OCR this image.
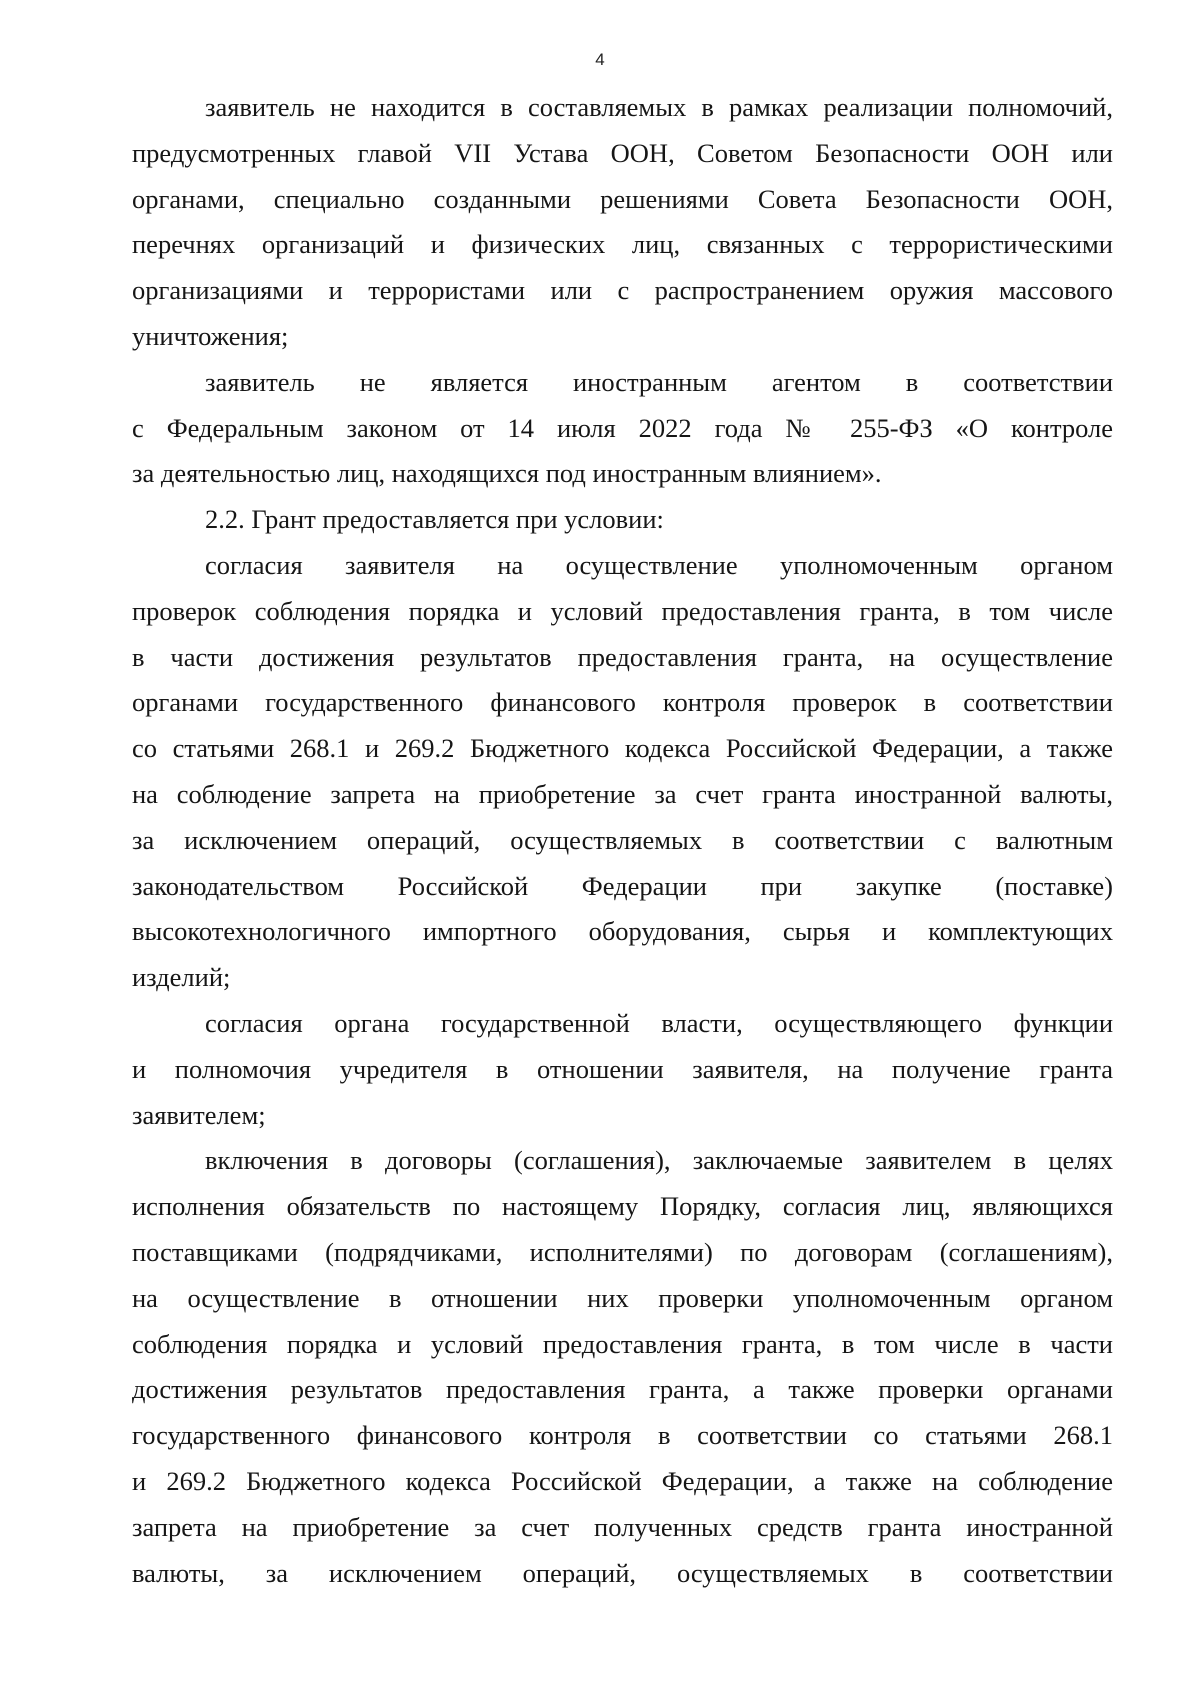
4
заявитель не находится в составляемых в рамках реализации полномочий,
предусмотренных главой VII Устава ООН, Советом Безопасности ООН или
органами, специально созданными решениями Совета Безопасности ООН,
перечнях организаций и физических лиц, связанных с террористическими
организациями и террористами или с распространением оружия массового
уничтожения;
заявитель не является иностранным агентом в соответствии
с Федеральным законом от 14 июля 2022 года № 255-ФЗ «О контроле
за деятельностью лиц, находящихся под иностранным влиянием».
2.2. Грант предоставляется при условии:
согласия заявителя на осуществление уполномоченным органом
проверок соблюдения порядка и условий предоставления гранта, в том числе
в части достижения результатов предоставления гранта, на осуществление
органами государственного финансового контроля проверок в соответствии
со статьями 268.1 и 269.2 Бюджетного кодекса Российской Федерации, а также
на соблюдение запрета на приобретение за счет гранта иностранной валюты,
за исключением операций, осуществляемых в соответствии с валютным
законодательством Российской Федерации при закупке (поставке)
высокотехнологичного импортного оборудования, сырья и комплектующих
изделий;
согласия органа государственной власти, осуществляющего функции
и полномочия учредителя в отношении заявителя, на получение гранта
заявителем;
включения в договоры (соглашения), заключаемые заявителем в целях
исполнения обязательств по настоящему Порядку, согласия лиц, являющихся
поставщиками (подрядчиками, исполнителями) по договорам (соглашениям),
на осуществление в отношении них проверки уполномоченным органом
соблюдения порядка и условий предоставления гранта, в том числе в части
достижения результатов предоставления гранта, а также проверки органами
государственного финансового контроля в соответствии со статьями 268.1
и 269.2 Бюджетного кодекса Российской Федерации, а также на соблюдение
запрета на приобретение за счет полученных средств гранта иностранной
валюты, за исключением операций, осуществляемых в соответствии
